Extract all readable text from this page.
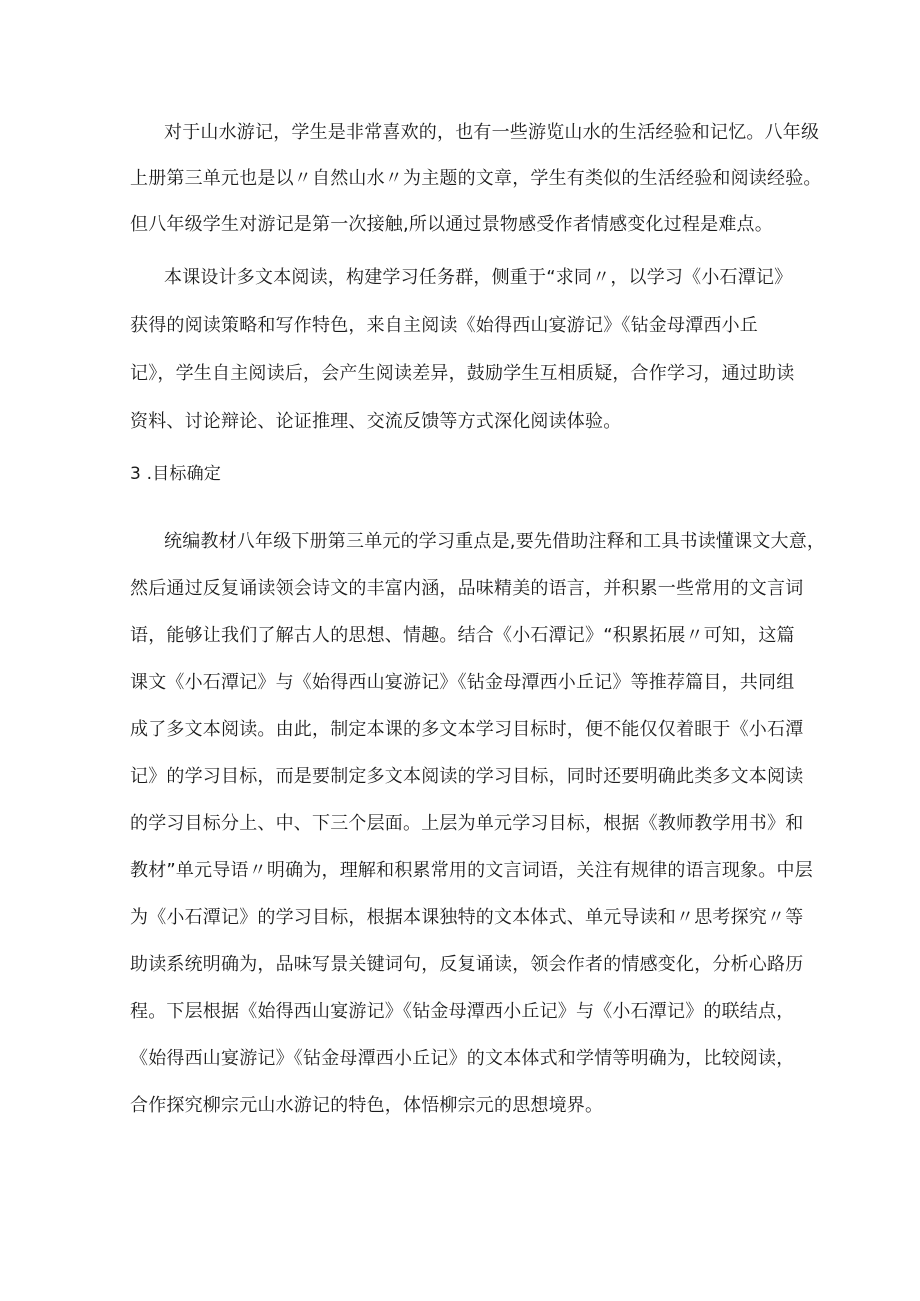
对于山水游记，学生是非常喜欢的，也有一些游览山水的生活经验和记忆。八年级
上册第三单元也是以〃自然山水〃为主题的文章，学生有类似的生活经验和阅读经验。
但八年级学生对游记是第一次接触,所以通过景物感受作者情感变化过程是难点。
本课设计多文本阅读，构建学习任务群，侧重于“求同〃，以学习《小石潭记》
获得的阅读策略和写作特色，来自主阅读《始得西山宴游记》《钻金母潭西小丘
记》，学生自主阅读后，会产生阅读差异，鼓励学生互相质疑，合作学习，通过助读
资料、讨论辩论、论证推理、交流反馈等方式深化阅读体验。
3 .目标确定
统编教材八年级下册第三单元的学习重点是,要先借助注释和工具书读懂课文大意，
然后通过反复诵读领会诗文的丰富内涵，品味精美的语言，并积累一些常用的文言词
语，能够让我们了解古人的思想、情趣。结合《小石潭记》“积累拓展〃可知，这篇
课文《小石潭记》与《始得西山宴游记》《钻金母潭西小丘记》等推荐篇目，共同组
成了多文本阅读。由此，制定本课的多文本学习目标时，便不能仅仅着眼于《小石潭
记》的学习目标，而是要制定多文本阅读的学习目标，同时还要明确此类多文本阅读
的学习目标分上、中、下三个层面。上层为单元学习目标，根据《教师教学用书》和
教材”单元导语〃明确为，理解和积累常用的文言词语，关注有规律的语言现象。中层
为《小石潭记》的学习目标，根据本课独特的文本体式、单元导读和〃思考探究〃等
助读系统明确为，品味写景关键词句，反复诵读，领会作者的情感变化，分析心路历
程。下层根据《始得西山宴游记》《钻金母潭西小丘记》与《小石潭记》的联结点，
《始得西山宴游记》《钻金母潭西小丘记》的文本体式和学情等明确为，比较阅读，
合作探究柳宗元山水游记的特色，体悟柳宗元的思想境界。
